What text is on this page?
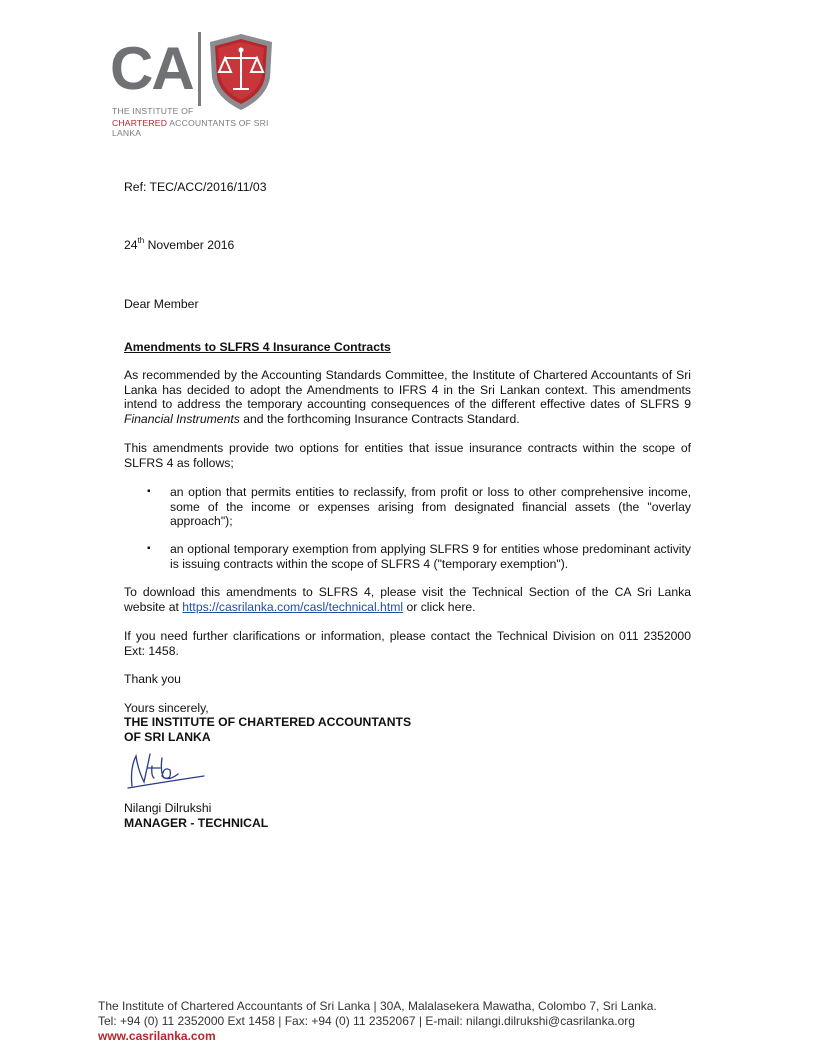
CA
THE INSTITUTE OF
CHARTERED ACCOUNTANTS OF SRI LANKA
Ref: TEC/ACC/2016/11/03
24th November 2016
Dear Member
Amendments to SLFRS 4 Insurance Contracts
As recommended by the Accounting Standards Committee, the Institute of Chartered Accountants of Sri Lanka has decided to adopt the Amendments to IFRS 4 in the Sri Lankan context. This amendments intend to address the temporary accounting consequences of the different effective dates of SLFRS 9 Financial Instruments and the forthcoming Insurance Contracts Standard.
This amendments provide two options for entities that issue insurance contracts within the scope of SLFRS 4 as follows;
▪ an option that permits entities to reclassify, from profit or loss to other comprehensive income, some of the income or expenses arising from designated financial assets (the "overlay approach");
▪ an optional temporary exemption from applying SLFRS 9 for entities whose predominant activity is issuing contracts within the scope of SLFRS 4 ("temporary exemption").
To download this amendments to SLFRS 4, please visit the Technical Section of the CA Sri Lanka website at https://casrilanka.com/casl/technical.html or click here.
If you need further clarifications or information, please contact the Technical Division on 011 2352000 Ext: 1458.
Thank you
Yours sincerely,
THE INSTITUTE OF CHARTERED ACCOUNTANTS
OF SRI LANKA
Nilangi Dilrukshi
MANAGER - TECHNICAL
The Institute of Chartered Accountants of Sri Lanka | 30A, Malalasekera Mawatha, Colombo 7, Sri Lanka.
Tel: +94 (0) 11 2352000 Ext 1458 | Fax: +94 (0) 11 2352067 | E-mail: nilangi.dilrukshi@casrilanka.org
www.casrilanka.com
